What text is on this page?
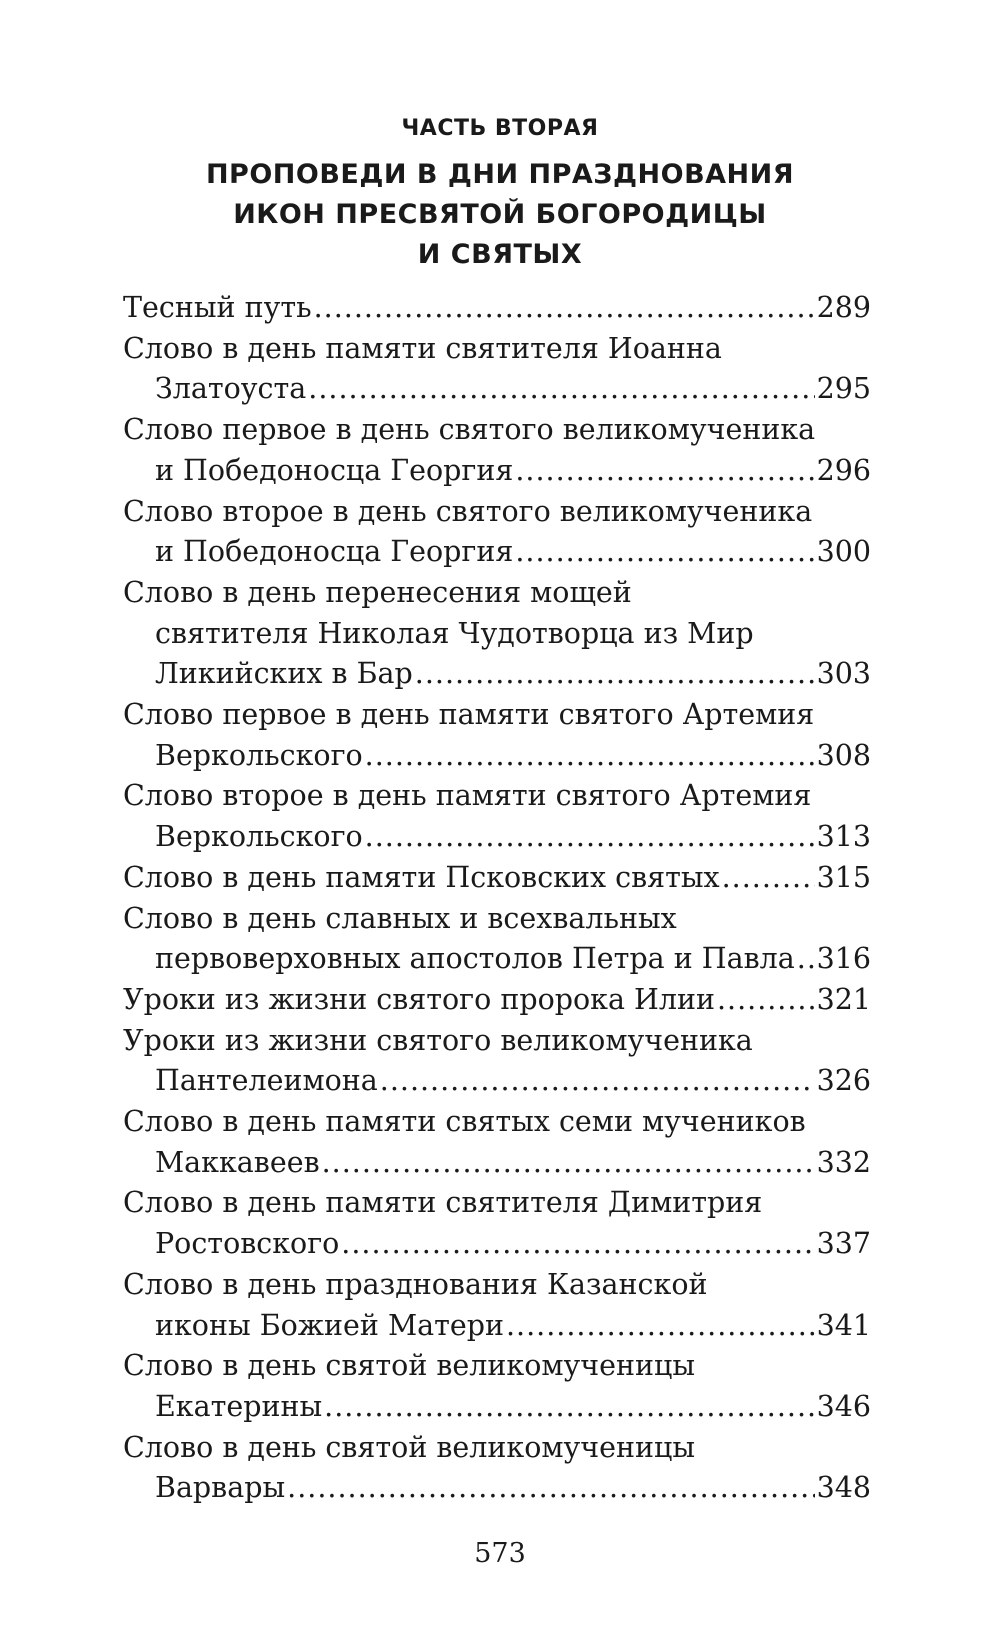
ЧАСТЬ ВТОРАЯ
ПРОПОВЕДИ В ДНИ ПРАЗДНОВАНИЯ
ИКОН ПРЕСВЯТОЙ БОГОРОДИЦЫ
И СВЯТЫХ
Тесный путь .....	289
Слово в день памяти святителя Иоанна
Златоуста .....	295
Слово первое в день святого великомученика
и Победоносца Георгия .....	296
Слово второе в день святого великомученика
и Победоносца Георгия .....	300
Слово в день перенесения мощей
святителя Николая Чудотворца из Мир
Ликийских в Бар .....	303
Слово первое в день памяти святого Артемия
Веркольского .....	308
Слово второе в день памяти святого Артемия
Веркольского .....	313
Слово в день памяти Псковских святых .....	315
Слово в день славных и всехвальных
первоверховных апостолов Петра и Павла ..... 316
Уроки из жизни святого пророка Илии .....	321
Уроки из жизни святого великомученика
Пантелеимона .....	326
Слово в день памяти святых семи мучеников
Маккавеев .....	332
Слово в день памяти святителя Димитрия
Ростовского .....	337
Слово в день празднования Казанской
иконы Божией Матери .....	341
Слово в день святой великомученицы
Екатерины .....	346
Слово в день святой великомученицы
Варвары .....	348
573
